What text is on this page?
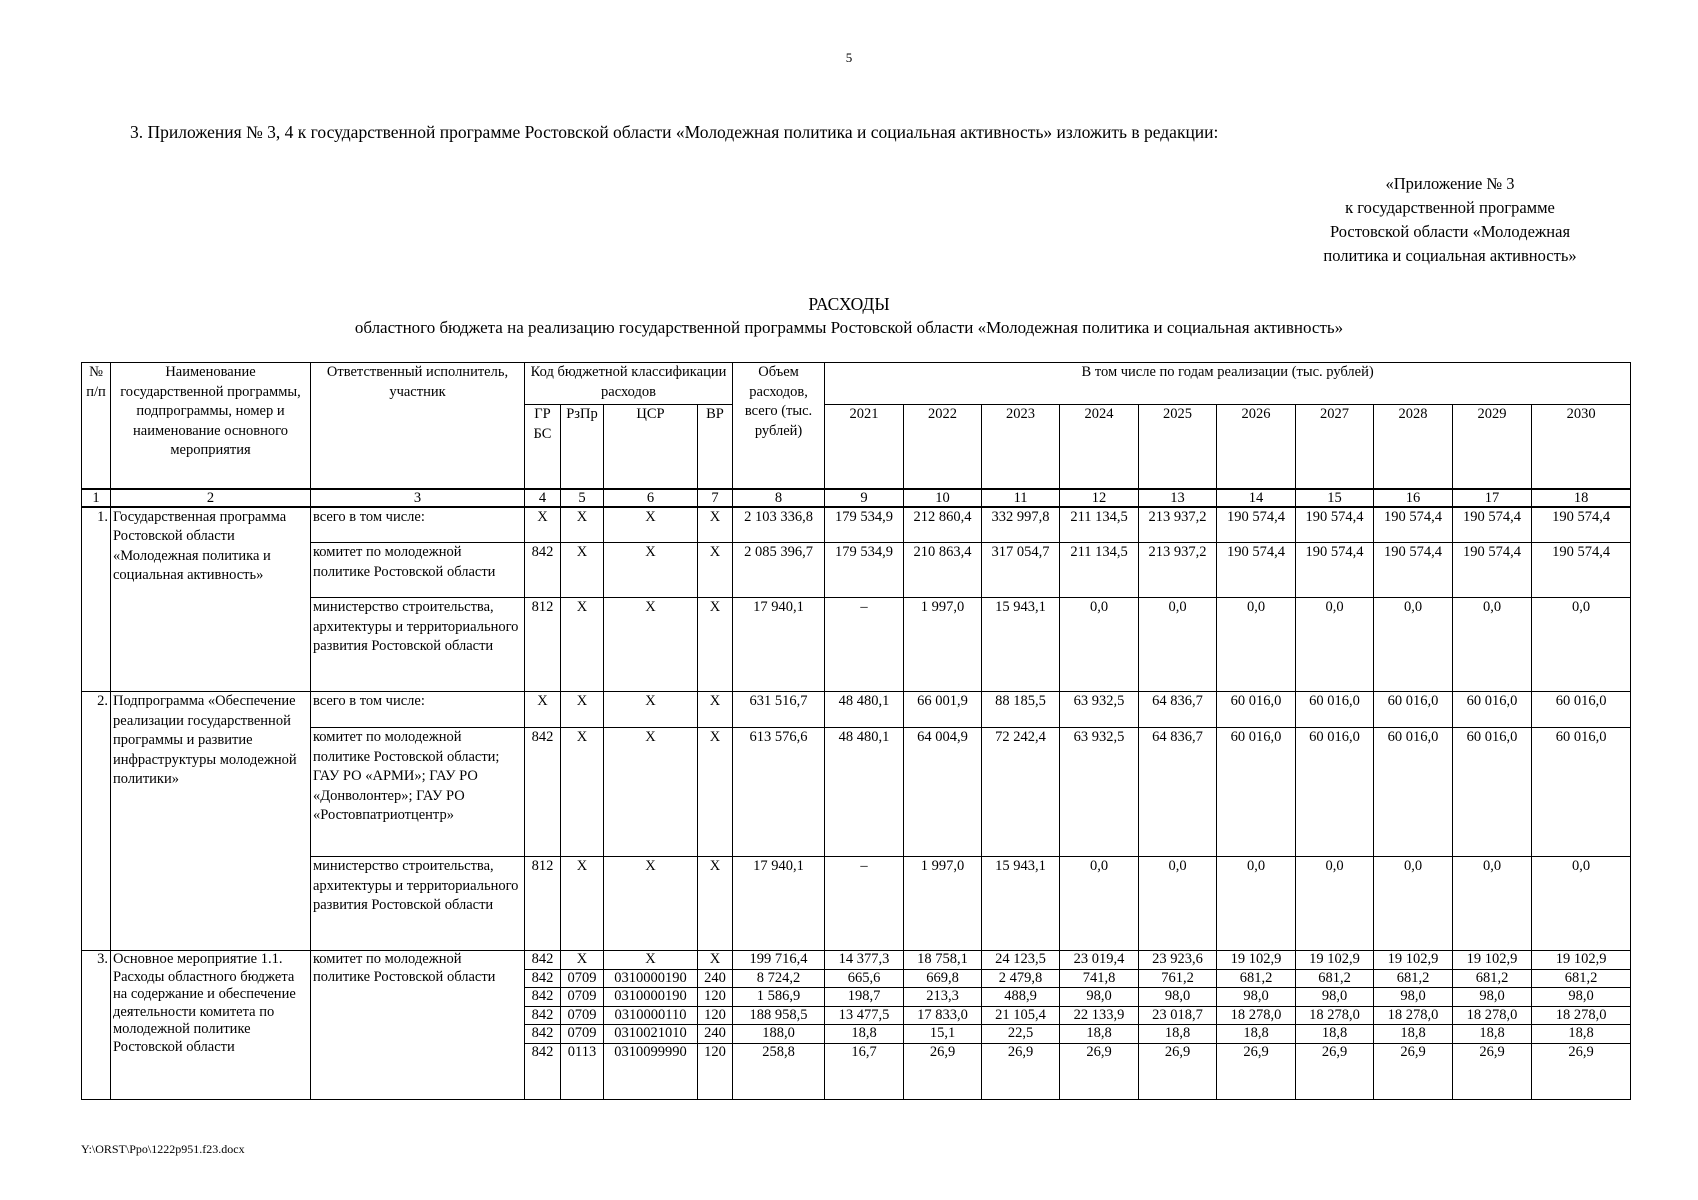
5
3. Приложения № 3, 4 к государственной программе Ростовской области «Молодежная политика и социальная активность» изложить в редакции:
«Приложение № 3
к государственной программе
Ростовской области «Молодежная
политика и социальная активность»
РАСХОДЫ
областного бюджета на реализацию государственной программы Ростовской области «Молодежная политика и социальная активность»
№ п/п	Наименование государственной программы, подпрограммы, номер и наименование основного мероприятия	Ответственный исполнитель, участник	Код бюджетной классификации расходов				Объем расходов, всего (тыс. рублей)	В том числе по годам реализации (тыс. рублей)									
			ГР БС	РзПр	ЦСР	ВР		2021	2022	2023	2024	2025	2026	2027	2028	2029	2030
1	2	3	4	5	6	7	8	9	10	11	12	13	14	15	16	17	18
1.	Государственная программа Ростовской области «Молодежная политика и социальная активность»	всего в том числе:	Х	Х	Х	Х	2 103 336,8	179 534,9	212 860,4	332 997,8	211 134,5	213 937,2	190 574,4	190 574,4	190 574,4	190 574,4	190 574,4
		комитет по молодежной политике Ростовской области	842	Х	Х	Х	2 085 396,7	179 534,9	210 863,4	317 054,7	211 134,5	213 937,2	190 574,4	190 574,4	190 574,4	190 574,4	190 574,4
		министерство строительства, архитектуры и территориального развития Ростовской области	812	Х	Х	Х	17 940,1	–	1 997,0	15 943,1	0,0	0,0	0,0	0,0	0,0	0,0	0,0
2.	Подпрограмма «Обеспечение реализации государственной программы и развитие инфраструктуры молодежной политики»	всего в том числе:	Х	Х	Х	Х	631 516,7	48 480,1	66 001,9	88 185,5	63 932,5	64 836,7	60 016,0	60 016,0	60 016,0	60 016,0	60 016,0
		комитет по молодежной политике Ростовской области; ГАУ РО «АРМИ»; ГАУ РО «Донволонтер»; ГАУ РО «Ростовпатриотцентр»	842	Х	Х	Х	613 576,6	48 480,1	64 004,9	72 242,4	63 932,5	64 836,7	60 016,0	60 016,0	60 016,0	60 016,0	60 016,0
		министерство строительства, архитектуры и территориального развития Ростовской области	812	Х	Х	Х	17 940,1	–	1 997,0	15 943,1	0,0	0,0	0,0	0,0	0,0	0,0	0,0
3.	Основное мероприятие 1.1. Расходы областного бюджета на содержание и обеспечение деятельности комитета по молодежной политике Ростовской области	комитет по молодежной политике Ростовской области	842	Х	Х	Х	199 716,4	14 377,3	18 758,1	24 123,5	23 019,4	23 923,6	19 102,9	19 102,9	19 102,9	19 102,9	19 102,9
			842	0709	0310000190	240	8 724,2	665,6	669,8	2 479,8	741,8	761,2	681,2	681,2	681,2	681,2	681,2
			842	0709	0310000190	120	1 586,9	198,7	213,3	488,9	98,0	98,0	98,0	98,0	98,0	98,0	98,0
			842	0709	0310000110	120	188 958,5	13 477,5	17 833,0	21 105,4	22 133,9	23 018,7	18 278,0	18 278,0	18 278,0	18 278,0	18 278,0
			842	0709	0310021010	240	188,0	18,8	15,1	22,5	18,8	18,8	18,8	18,8	18,8	18,8	18,8
			842	0113	0310099990	120	258,8	16,7	26,9	26,9	26,9	26,9	26,9	26,9	26,9	26,9	26,9
Y:\ORST\Ppo\1222p951.f23.docx
